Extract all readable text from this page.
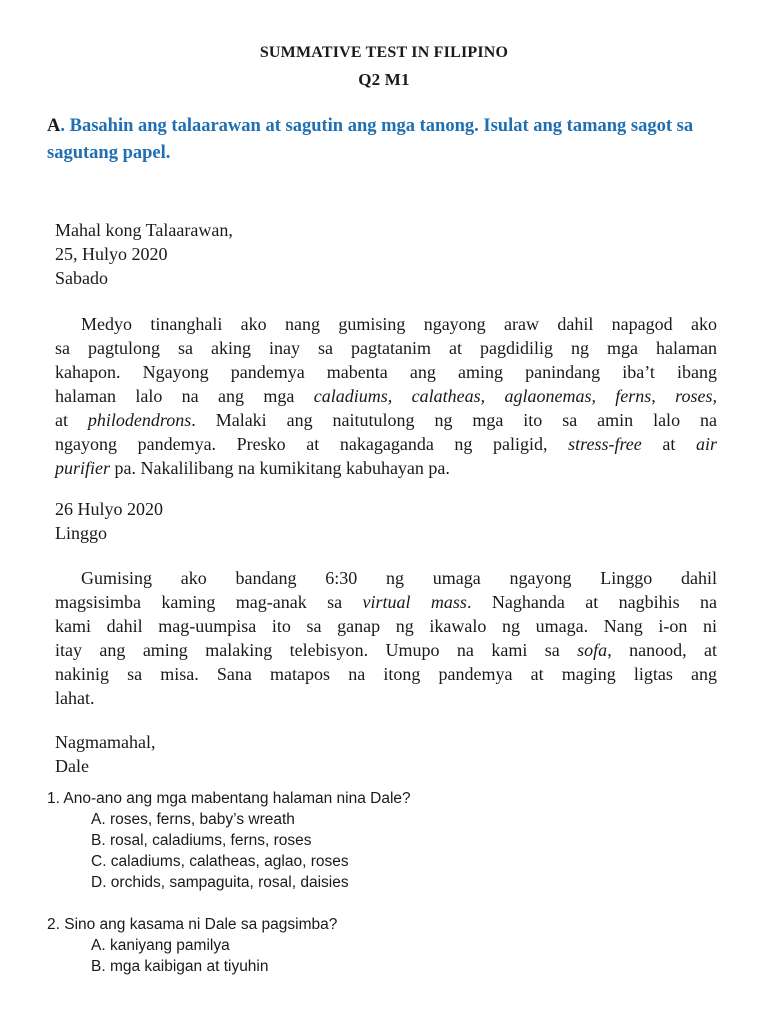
SUMMATIVE TEST IN FILIPINO
Q2 M1
A. Basahin ang talaarawan at sagutin ang mga tanong. Isulat ang tamang sagot sa sagutang papel.
Mahal kong Talaarawan,
25, Hulyo 2020
Sabado
Medyo tinanghali ako nang gumising ngayong araw dahil napagod ako
sa pagtulong sa aking inay sa pagtatanim at pagdidilig ng mga halaman
kahapon. Ngayong pandemya mabenta ang aming panindang iba’t ibang
halaman lalo na ang mga caladiums, calatheas, aglaonemas, ferns, roses,
at philodendrons. Malaki ang naitutulong ng mga ito sa amin lalo na
ngayong pandemya. Presko at nakagaganda ng paligid, stress-free at air
purifier pa. Nakalilibang na kumikitang kabuhayan pa.
26 Hulyo 2020
Linggo
Gumising ako bandang 6:30 ng umaga ngayong Linggo dahil
magsisimba kaming mag-anak sa virtual mass. Naghanda at nagbihis na
kami dahil mag-uumpisa ito sa ganap ng ikawalo ng umaga. Nang i-on ni
itay ang aming malaking telebisyon. Umupo na kami sa sofa, nanood, at
nakinig sa misa. Sana matapos na itong pandemya at maging ligtas ang
lahat.
Nagmamahal,
Dale
1. Ano-ano ang mga mabentang halaman nina Dale?
A. roses, ferns, baby’s wreath
B. rosal, caladiums, ferns, roses
C. caladiums, calatheas, aglao, roses
D. orchids, sampaguita, rosal, daisies
2. Sino ang kasama ni Dale sa pagsimba?
A. kaniyang pamilya
B. mga kaibigan at tiyuhin
